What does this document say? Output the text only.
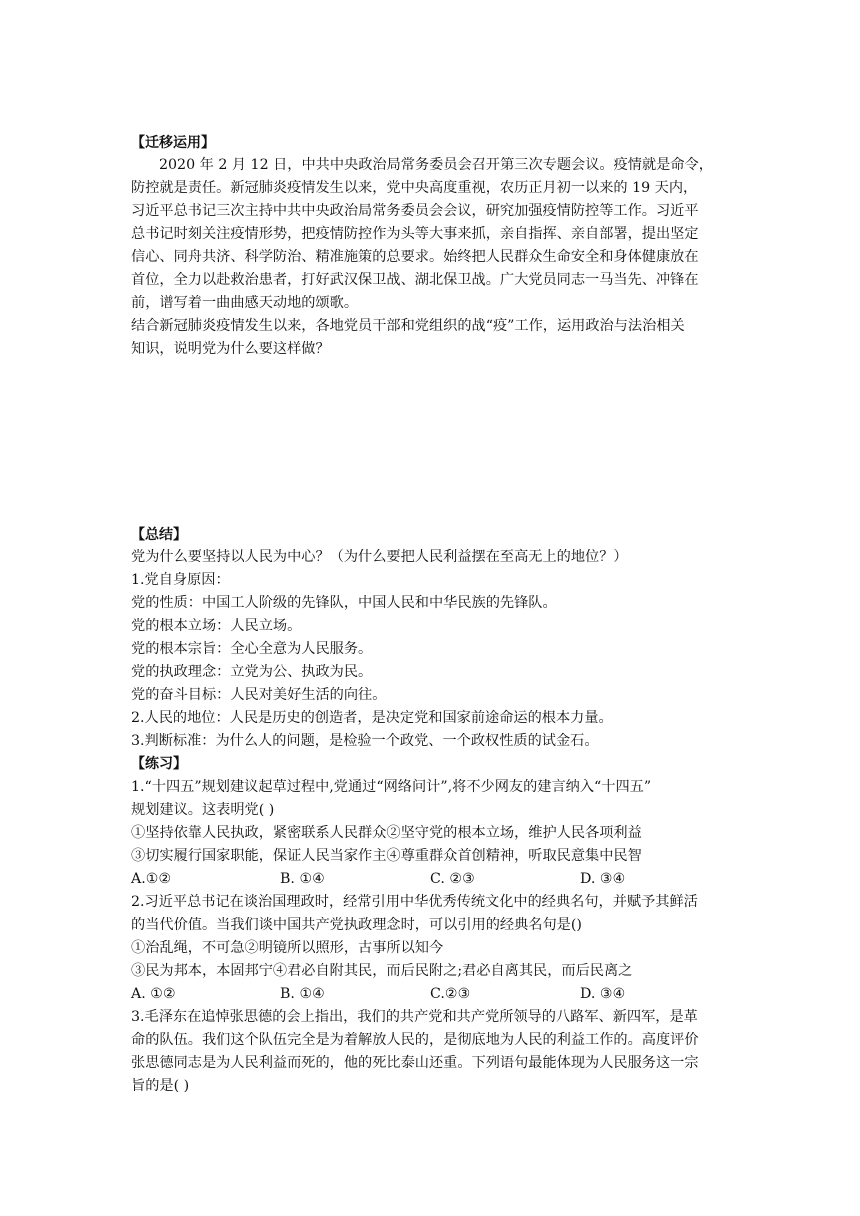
【迁移运用】
2020 年 2 月 12 日，中共中央政治局常务委员会召开第三次专题会议。疫情就是命令，
防控就是责任。新冠肺炎疫情发生以来，党中央高度重视，农历正月初一以来的 19 天内，
习近平总书记三次主持中共中央政治局常务委员会会议，研究加强疫情防控等工作。习近平
总书记时刻关注疫情形势，把疫情防控作为头等大事来抓，亲自指挥、亲自部署，提出坚定
信心、同舟共济、科学防治、精准施策的总要求。始终把人民群众生命安全和身体健康放在
首位，全力以赴救治患者，打好武汉保卫战、湖北保卫战。广大党员同志一马当先、冲锋在
前，谱写着一曲曲感天动地的颂歌。
结合新冠肺炎疫情发生以来，各地党员干部和党组织的战“疫”工作，运用政治与法治相关
知识，说明党为什么要这样做？
【总结】
党为什么要坚持以人民为中心？（为什么要把人民利益摆在至高无上的地位？）
1.党自身原因：
党的性质：中国工人阶级的先锋队，中国人民和中华民族的先锋队。
党的根本立场：人民立场。
党的根本宗旨：全心全意为人民服务。
党的执政理念：立党为公、执政为民。
党的奋斗目标：人民对美好生活的向往。
2.人民的地位：人民是历史的创造者，是决定党和国家前途命运的根本力量。
3.判断标准：为什么人的问题，是检验一个政党、一个政权性质的试金石。
【练习】
1.“十四五”规划建议起草过程中,党通过“网络问计”,将不少网友的建言纳入“十四五”
规划建议。这表明党( )
①坚持依靠人民执政，紧密联系人民群众②坚守党的根本立场，维护人民各项利益
③切实履行国家职能，保证人民当家作主④尊重群众首创精神，听取民意集中民智
A.①②	B. ①④	C. ②③	D. ③④
2.习近平总书记在谈治国理政时，经常引用中华优秀传统文化中的经典名句，并赋予其鲜活
的当代价值。当我们谈中国共产党执政理念时，可以引用的经典名句是()
①治乱绳，不可急②明镜所以照形，古事所以知今
③民为邦本，本固邦宁④君必自附其民，而后民附之;君必自离其民，而后民离之
A. ①②	B. ①④	C.②③	D. ③④
3.毛泽东在追悼张思德的会上指出，我们的共产党和共产党所领导的八路军、新四军，是革
命的队伍。我们这个队伍完全是为着解放人民的，是彻底地为人民的利益工作的。高度评价
张思德同志是为人民利益而死的，他的死比泰山还重。下列语句最能体现为人民服务这一宗
旨的是( )
